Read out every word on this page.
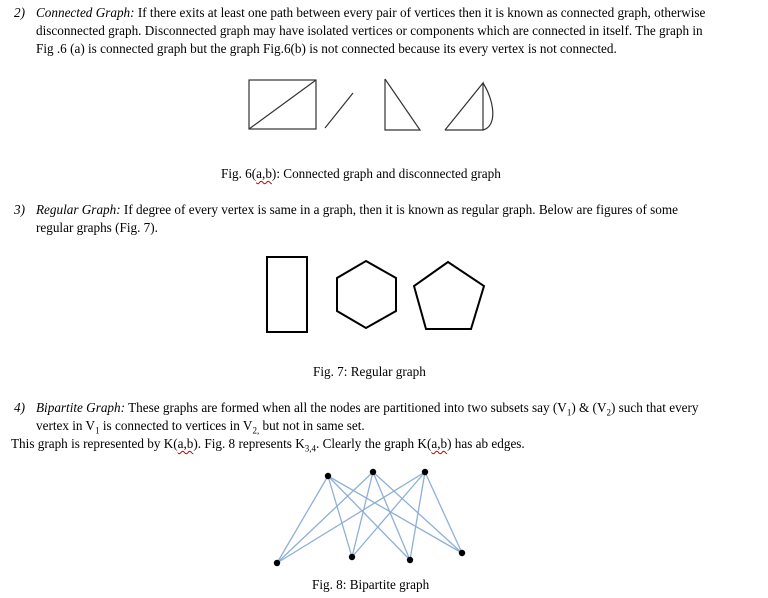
2) Connected Graph: If there exits at least one path between every pair of vertices then it is known as connected graph, otherwise
disconnected graph. Disconnected graph may have isolated vertices or components which are connected in itself. The graph in
Fig .6 (a) is connected graph but the graph Fig.6(b) is not connected because its every vertex is not connected.
Fig. 6(a,b): Connected graph and disconnected graph
3) Regular Graph: If degree of every vertex is same in a graph, then it is known as regular graph. Below are figures of some
regular graphs (Fig. 7).
Fig. 7: Regular graph
4) Bipartite Graph: These graphs are formed when all the nodes are partitioned into two subsets say $(V_1)$ & $(V_2)$ such that every
vertex in $V_1$ is connected to vertices in $V_{2,}$ but not in same set.
This graph is represented by K(a,b). Fig. 8 represents $K_{3,4}$. Clearly the graph K(a,b) has ab edges.
Fig. 8: Bipartite graph
